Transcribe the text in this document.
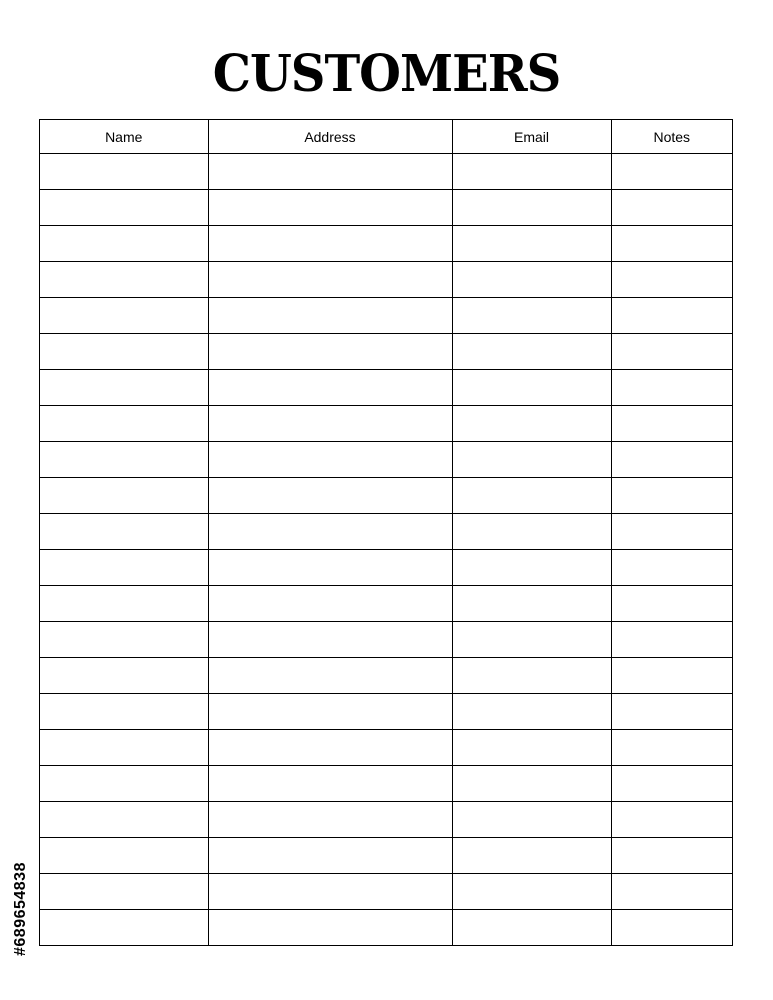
CUSTOMERS
Name	Address	Email	Notes

#689654838
